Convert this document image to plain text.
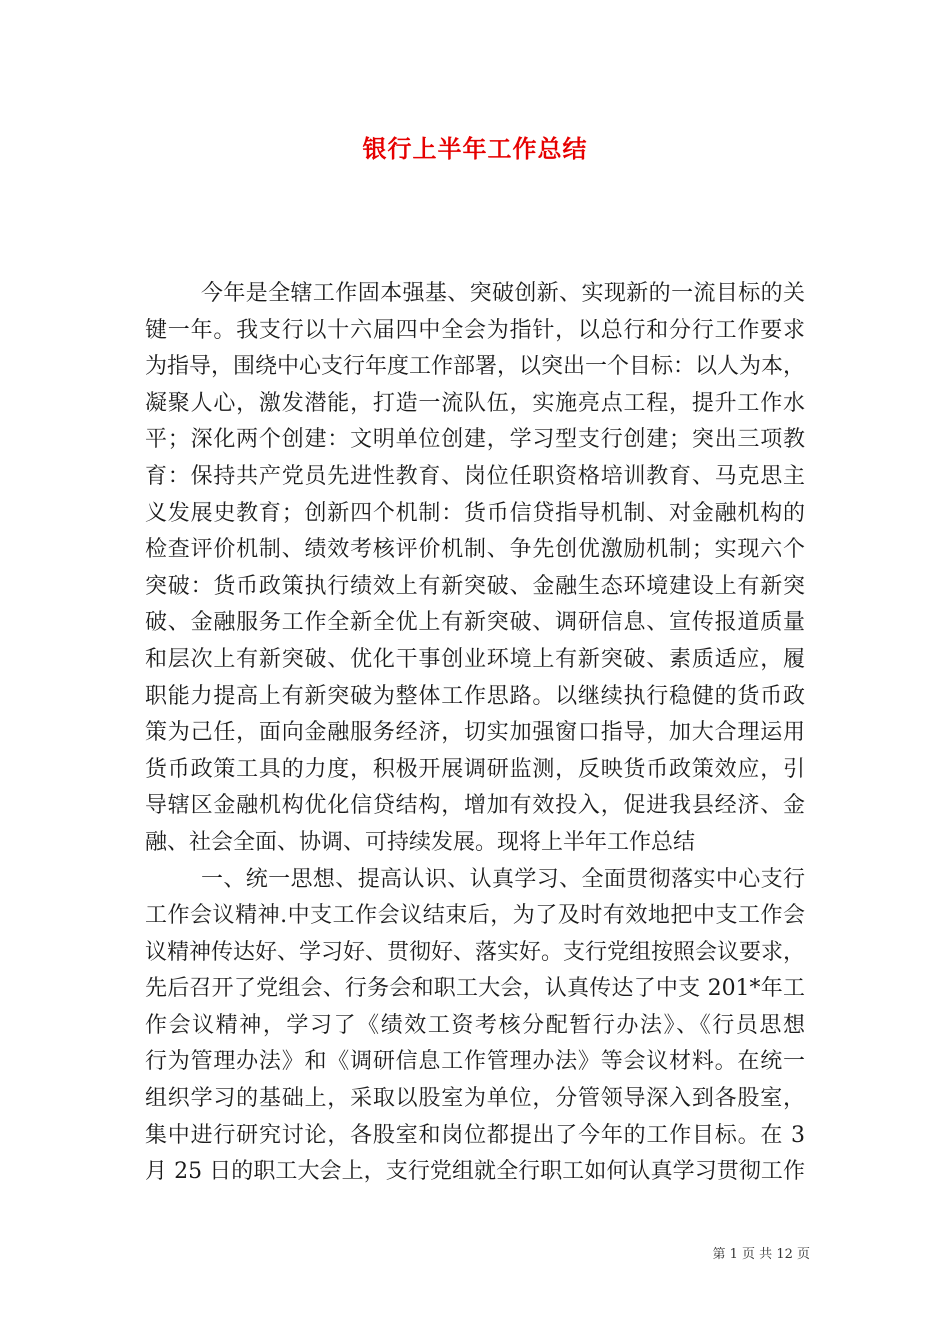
银行上半年工作总结
今年是全辖工作固本强基、突破创新、实现新的一流目标的关
键一年。我支行以十六届四中全会为指针，以总行和分行工作要求
为指导，围绕中心支行年度工作部署，以突出一个目标：以人为本，
凝聚人心，激发潜能，打造一流队伍，实施亮点工程，提升工作水
平；深化两个创建：文明单位创建，学习型支行创建；突出三项教
育：保持共产党员先进性教育、岗位任职资格培训教育、马克思主
义发展史教育；创新四个机制：货币信贷指导机制、对金融机构的
检查评价机制、绩效考核评价机制、争先创优激励机制；实现六个
突破：货币政策执行绩效上有新突破、金融生态环境建设上有新突
破、金融服务工作全新全优上有新突破、调研信息、宣传报道质量
和层次上有新突破、优化干事创业环境上有新突破、素质适应，履
职能力提高上有新突破为整体工作思路。以继续执行稳健的货币政
策为己任，面向金融服务经济，切实加强窗口指导，加大合理运用
货币政策工具的力度，积极开展调研监测，反映货币政策效应，引
导辖区金融机构优化信贷结构，增加有效投入，促进我县经济、金
融、社会全面、协调、可持续发展。现将上半年工作总结
一、统一思想、提高认识、认真学习、全面贯彻落实中心支行
工作会议精神.中支工作会议结束后，为了及时有效地把中支工作会
议精神传达好、学习好、贯彻好、落实好。支行党组按照会议要求，
先后召开了党组会、行务会和职工大会，认真传达了中支 201*年工
作会议精神，学习了《绩效工资考核分配暂行办法》、《行员思想
行为管理办法》和《调研信息工作管理办法》等会议材料。在统一
组织学习的基础上，采取以股室为单位，分管领导深入到各股室，
集中进行研究讨论，各股室和岗位都提出了今年的工作目标。在 3
月 25 日的职工大会上，支行党组就全行职工如何认真学习贯彻工作
第 1 页 共 12 页
